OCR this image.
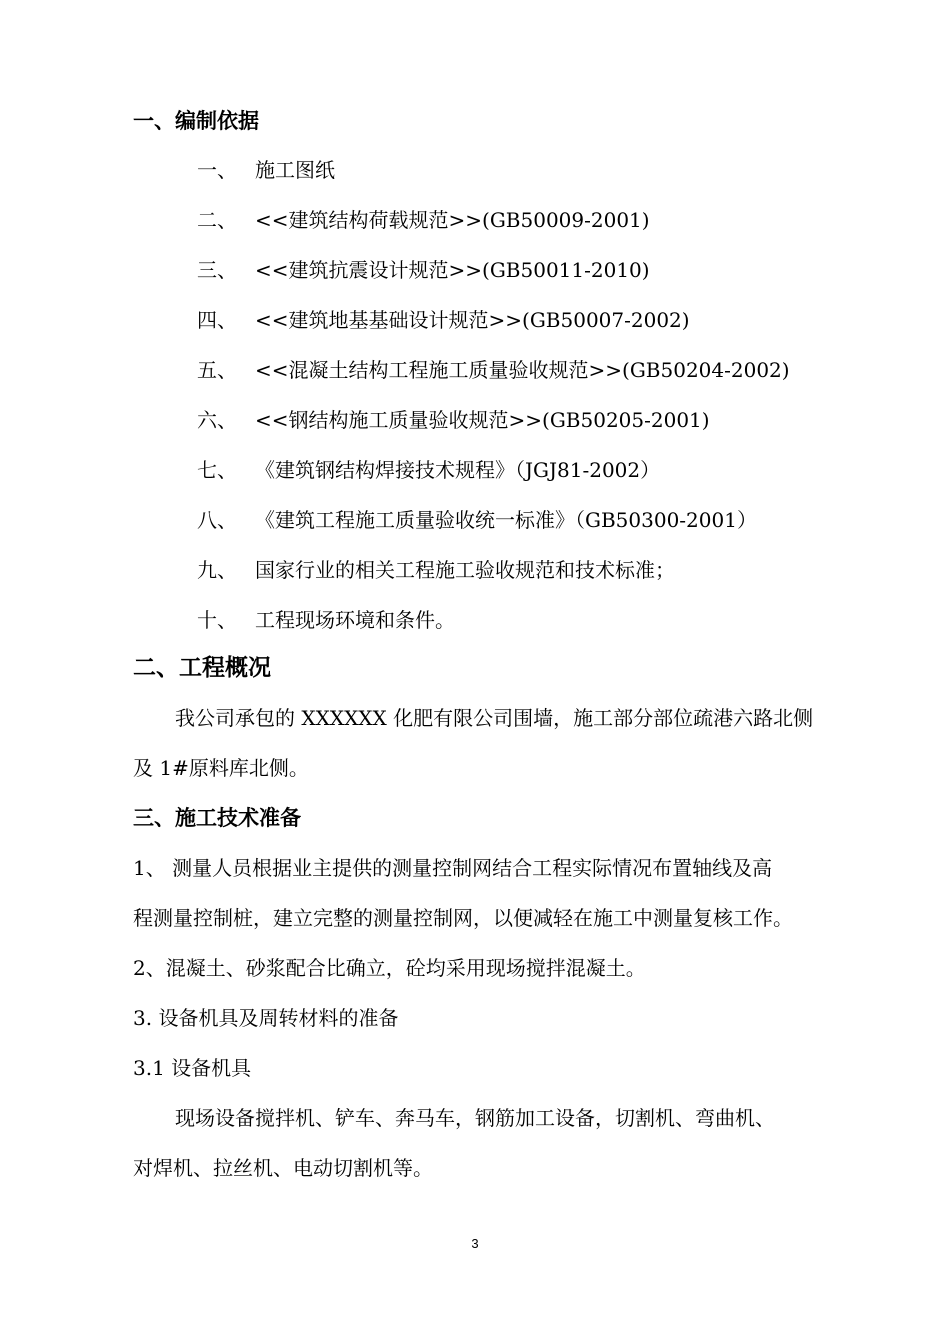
一、编制依据
一、 施工图纸
二、 <<建筑结构荷载规范>>(GB50009-2001)
三、 <<建筑抗震设计规范>>(GB50011-2010)
四、 <<建筑地基基础设计规范>>(GB50007-2002)
五、 <<混凝土结构工程施工质量验收规范>>(GB50204-2002)
六、 <<钢结构施工质量验收规范>>(GB50205-2001)
七、 《建筑钢结构焊接技术规程》（JGJ81-2002）
八、 《建筑工程施工质量验收统一标准》（GB50300-2001）
九、 国家行业的相关工程施工验收规范和技术标准；
十、 工程现场环境和条件。
二、工程概况
我公司承包的 XXXXXX 化肥有限公司围墙，施工部分部位疏港六路北侧
及 1#原料库北侧。
三、施工技术准备
1、 测量人员根据业主提供的测量控制网结合工程实际情况布置轴线及高
程测量控制桩，建立完整的测量控制网，以便减轻在施工中测量复核工作。
2、混凝土、砂浆配合比确立，砼均采用现场搅拌混凝土。
3. 设备机具及周转材料的准备
3.1 设备机具
现场设备搅拌机、铲车、奔马车，钢筋加工设备，切割机、弯曲机、
对焊机、拉丝机、电动切割机等。
3
